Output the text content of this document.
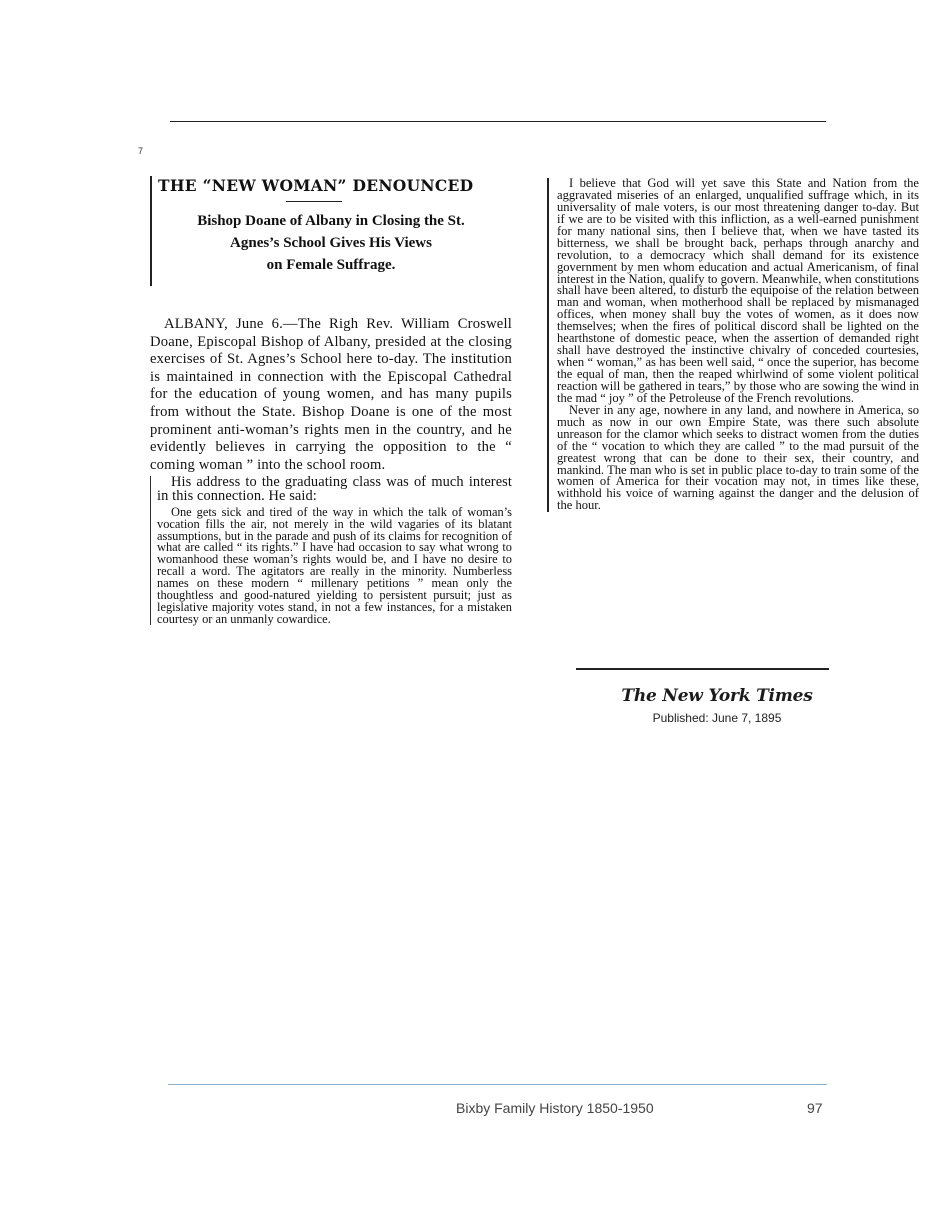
7
THE “NEW WOMAN” DENOUNCED

Bishop Doane of Albany in Closing the St.
Agnes’s School Gives His Views
on Female Suffrage.

ALBANY, June 6.—The Righ Rev. William Croswell Doane, Episcopal Bishop of Albany, presided at the closing exercises of St. Agnes’s School here to-day. The institution is maintained in connection with the Episcopal Cathedral for the education of young women, and has many pupils from without the State. Bishop Doane is one of the most prominent anti-woman’s rights men in the country, and he evidently believes in carrying the opposition to the “ coming woman ” into the school room.

His address to the graduating class was of much interest in this connection. He said:

One gets sick and tired of the way in which the talk of woman’s vocation fills the air, not merely in the wild vagaries of its blatant assumptions, but in the parade and push of its claims for recognition of what are called “ its rights.” I have had occasion to say what wrong to womanhood these woman’s rights would be, and I have no desire to recall a word. The agitators are really in the minority. Numberless names on these modern “ millenary petitions ” mean only the thoughtless and good-natured yielding to persistent pursuit; just as legislative majority votes stand, in not a few instances, for a mistaken courtesy or an unmanly cowardice.

I believe that God will yet save this State and Nation from the aggravated miseries of an enlarged, unqualified suffrage which, in its universality of male voters, is our most threatening danger to-day. But if we are to be visited with this infliction, as a well-earned punishment for many national sins, then I believe that, when we have tasted its bitterness, we shall be brought back, perhaps through anarchy and revolution, to a democracy which shall demand for its existence government by men whom education and actual Americanism, of final interest in the Nation, qualify to govern. Meanwhile, when constitutions shall have been altered, to disturb the equipoise of the relation between man and woman, when motherhood shall be replaced by mismanaged offices, when money shall buy the votes of women, as it does now themselves; when the fires of political discord shall be lighted on the hearthstone of domestic peace, when the assertion of demanded right shall have destroyed the instinctive chivalry of conceded courtesies, when “ woman,” as has been well said, “ once the superior, has become the equal of man, then the reaped whirlwind of some violent political reaction will be gathered in tears,” by those who are sowing the wind in the mad “ joy ” of the Petroleuse of the French revolutions.

Never in any age, nowhere in any land, and nowhere in America, so much as now in our own Empire State, was there such absolute unreason for the clamor which seeks to distract women from the duties of the “ vocation to which they are called ” to the mad pursuit of the greatest wrong that can be done to their sex, their country, and mankind. The man who is set in public place to-day to train some of the women of America for their vocation may not, in times like these, withhold his voice of warning against the danger and the delusion of the hour.

The New York Times
Published: June 7, 1895
Bixby Family History 1850-1950	97
